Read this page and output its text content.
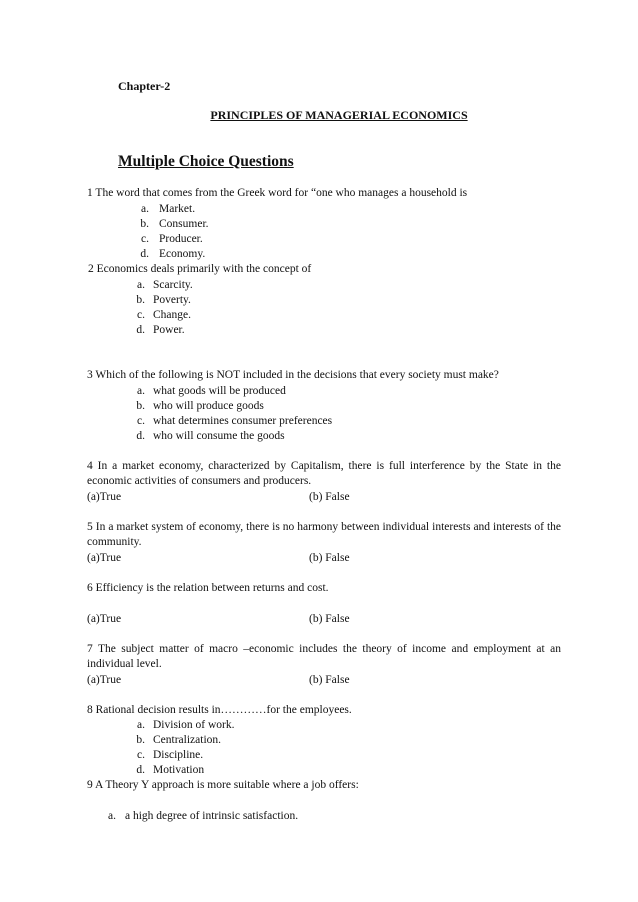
Chapter-2
PRINCIPLES OF MANAGERIAL ECONOMICS
Multiple Choice Questions
1 The word that comes from the Greek word for “one who manages a household is
a. Market.
b. Consumer.
c. Producer.
d. Economy.
2 Economics deals primarily with the concept of
a. Scarcity.
b. Poverty.
c. Change.
d. Power.
3 Which of the following is NOT included in the decisions that every society must make?
a. what goods will be produced
b. who will produce goods
c. what determines consumer preferences
d. who will consume the goods
4 In a market economy, characterized by Capitalism, there is full interference by the State in the economic activities of consumers and producers.
(a)True	(b) False
5 In a market system of economy, there is no harmony between individual interests and interests of the community.
(a)True	(b) False
6 Efficiency is the relation between returns and cost.
(a)True	(b) False
7 The subject matter of macro –economic includes the theory of income and employment at an individual level.
(a)True	(b) False
8 Rational decision results in…………for the employees.
a. Division of work.
b. Centralization.
c. Discipline.
d. Motivation
9 A Theory Y approach is more suitable where a job offers:
a. a high degree of intrinsic satisfaction.
